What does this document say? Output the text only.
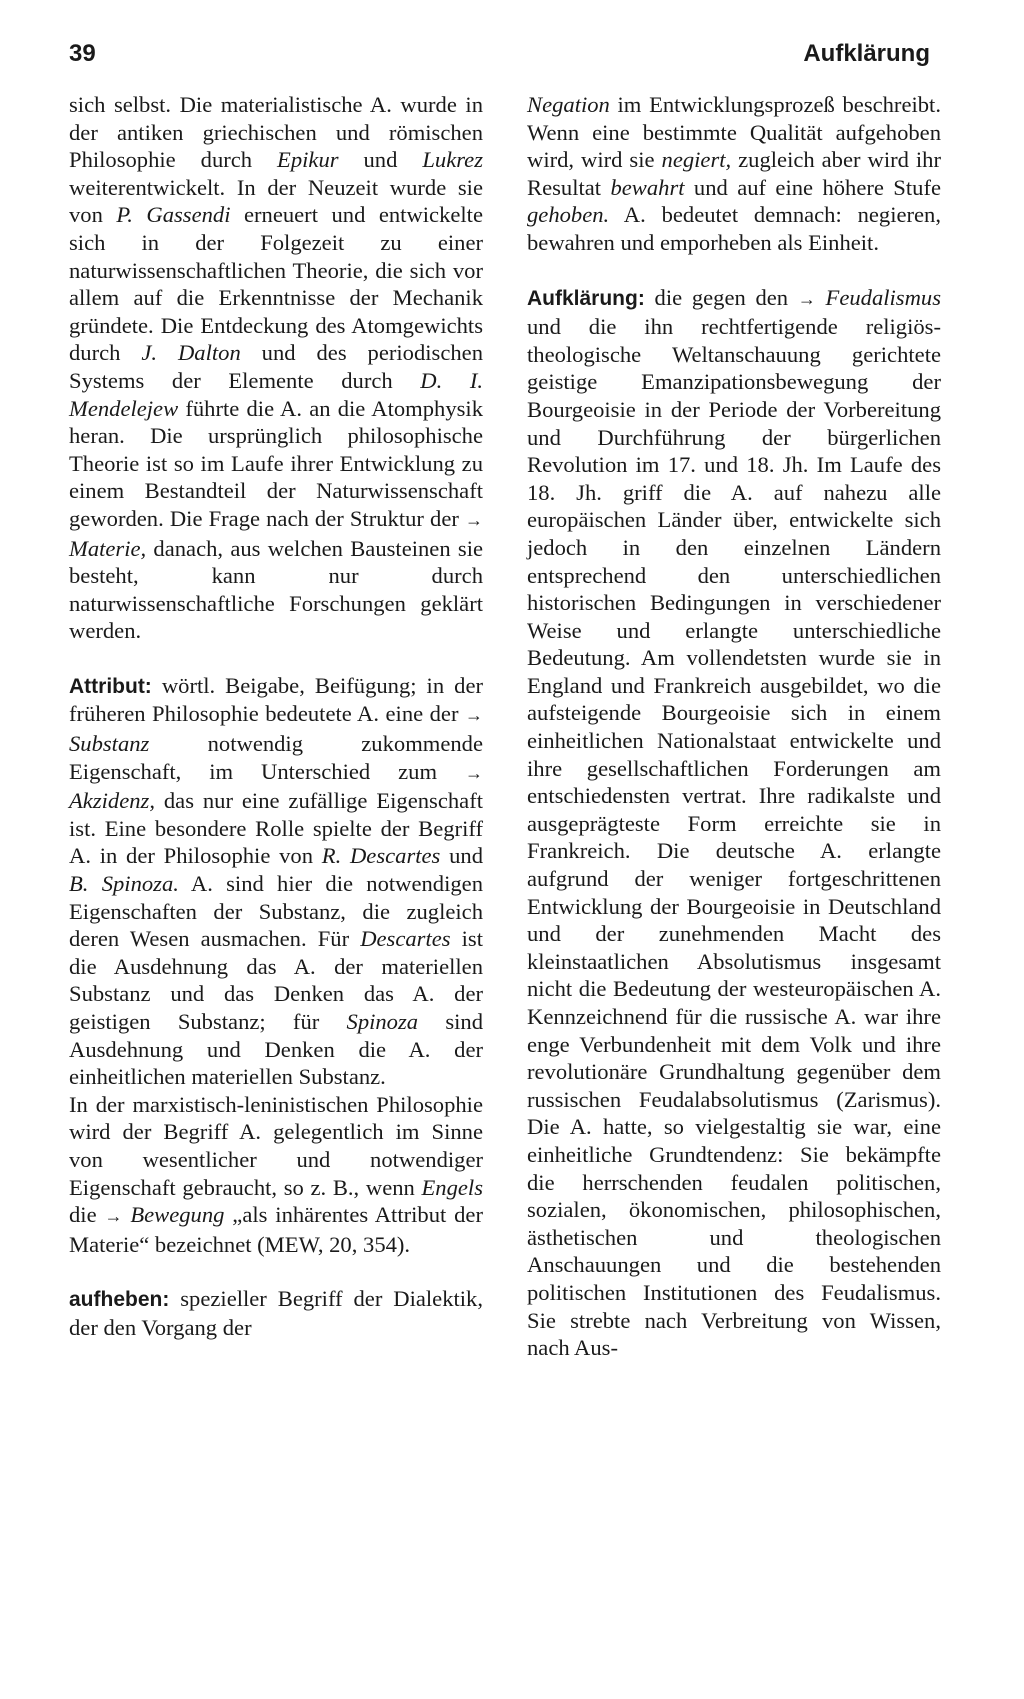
39	Aufklärung

sich selbst. Die materialistische A. wurde in der antiken griechischen und römischen Philosophie durch Epikur und Lukrez weiterentwickelt. In der Neuzeit wurde sie von P. Gassendi erneuert und entwickelte sich in der Folgezeit zu einer naturwissenschaftlichen Theorie, die sich vor allem auf die Erkenntnisse der Mechanik gründete. Die Entdeckung des Atomgewichts durch J. Dalton und des periodischen Systems der Elemente durch D. I. Mendelejew führte die A. an die Atomphysik heran. Die ursprünglich philosophische Theorie ist so im Laufe ihrer Entwicklung zu einem Bestandteil der Naturwissenschaft geworden. Die Frage nach der Struktur der → Materie, danach, aus welchen Bausteinen sie besteht, kann nur durch naturwissenschaftliche Forschungen geklärt werden.

Attribut: wörtl. Beigabe, Beifügung; in der früheren Philosophie bedeutete A. eine der → Substanz notwendig zukommende Eigenschaft, im Unterschied zum → Akzidenz, das nur eine zufällige Eigenschaft ist. Eine besondere Rolle spielte der Begriff A. in der Philosophie von R. Descartes und B. Spinoza. A. sind hier die notwendigen Eigenschaften der Substanz, die zugleich deren Wesen ausmachen. Für Descartes ist die Ausdehnung das A. der materiellen Substanz und das Denken das A. der geistigen Substanz; für Spinoza sind Ausdehnung und Denken die A. der einheitlichen materiellen Substanz.

In der marxistisch-leninistischen Philosophie wird der Begriff A. gelegentlich im Sinne von wesentlicher und notwendiger Eigenschaft gebraucht, so z. B., wenn Engels die → Bewegung „als inhärentes Attribut der Materie“ bezeichnet (MEW, 20, 354).

aufheben: spezieller Begriff der Dialektik, der den Vorgang der

Negation im Entwicklungsprozeß beschreibt. Wenn eine bestimmte Qualität aufgehoben wird, wird sie negiert, zugleich aber wird ihr Resultat bewahrt und auf eine höhere Stufe gehoben. A. bedeutet demnach: negieren, bewahren und emporheben als Einheit.

Aufklärung: die gegen den → Feudalismus und die ihn rechtfertigende religiös-theologische Weltanschauung gerichtete geistige Emanzipationsbewegung der Bourgeoisie in der Periode der Vorbereitung und Durchführung der bürgerlichen Revolution im 17. und 18. Jh. Im Laufe des 18. Jh. griff die A. auf nahezu alle europäischen Länder über, entwickelte sich jedoch in den einzelnen Ländern entsprechend den unterschiedlichen historischen Bedingungen in verschiedener Weise und erlangte unterschiedliche Bedeutung. Am vollendetsten wurde sie in England und Frankreich ausgebildet, wo die aufsteigende Bourgeoisie sich in einem einheitlichen Nationalstaat entwickelte und ihre gesellschaftlichen Forderungen am entschiedensten vertrat. Ihre radikalste und ausgeprägteste Form erreichte sie in Frankreich. Die deutsche A. erlangte aufgrund der weniger fortgeschrittenen Entwicklung der Bourgeoisie in Deutschland und der zunehmenden Macht des kleinstaatlichen Absolutismus insgesamt nicht die Bedeutung der westeuropäischen A. Kennzeichnend für die russische A. war ihre enge Verbundenheit mit dem Volk und ihre revolutionäre Grundhaltung gegenüber dem russischen Feudalabsolutismus (Zarismus). Die A. hatte, so vielgestaltig sie war, eine einheitliche Grundtendenz: Sie bekämpfte die herrschenden feudalen politischen, sozialen, ökonomischen, philosophischen, ästhetischen und theologischen Anschauungen und die bestehenden politischen Institutionen des Feudalismus. Sie strebte nach Verbreitung von Wissen, nach Aus-
